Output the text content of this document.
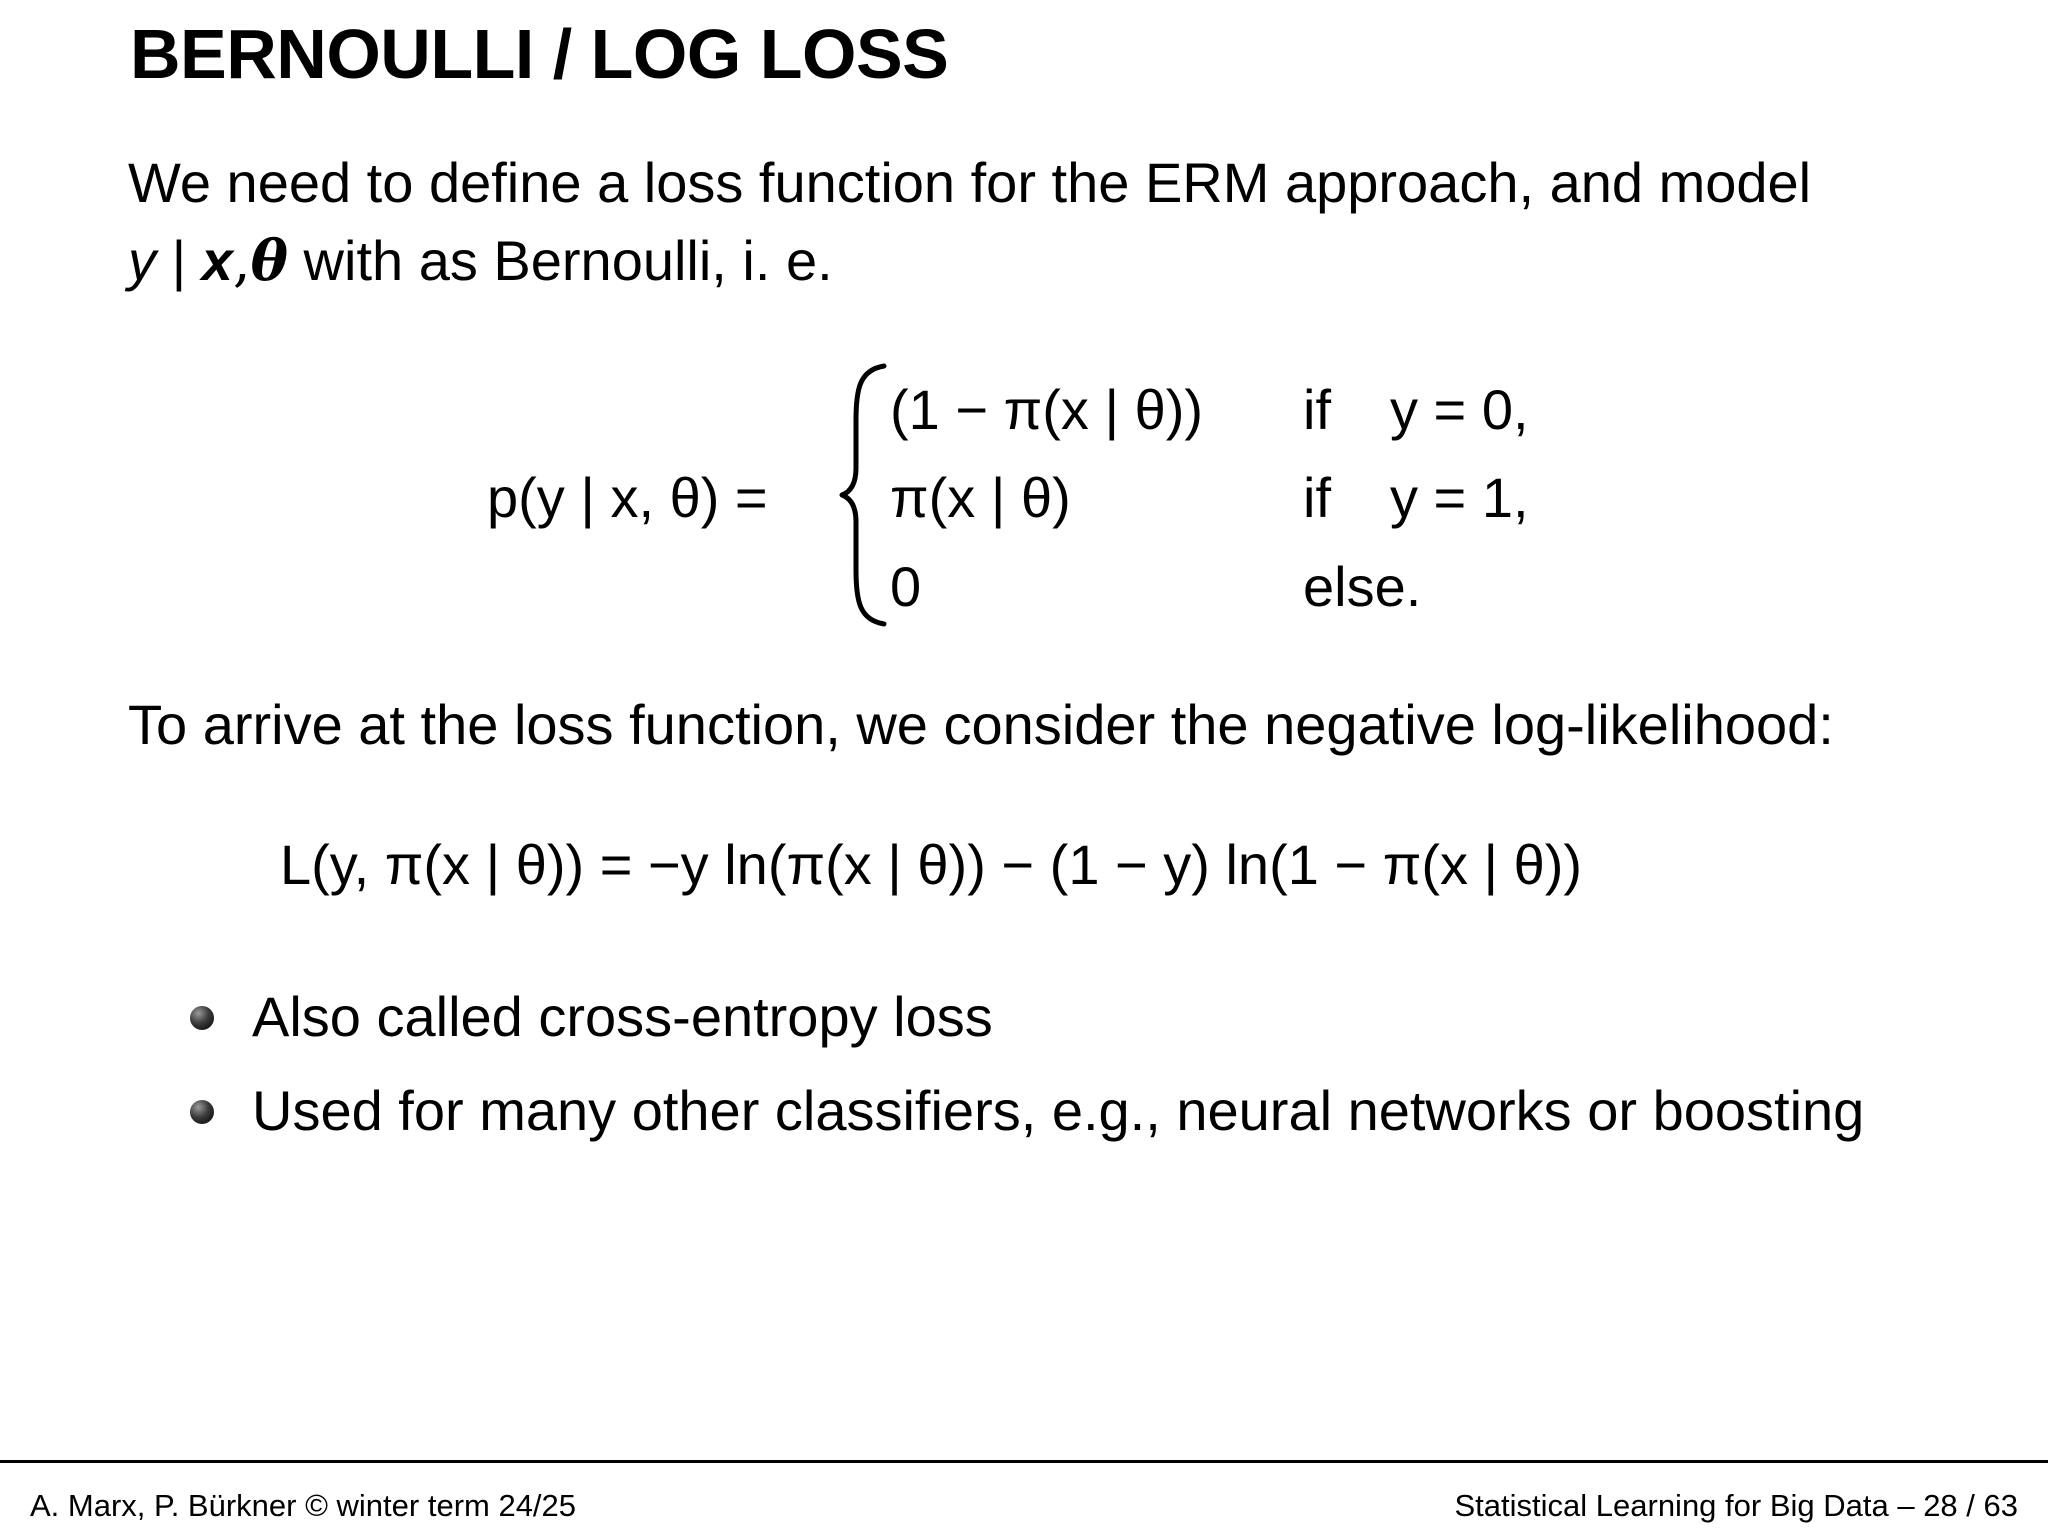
BERNOULLI / LOG LOSS
We need to define a loss function for the ERM approach, and model
y | x,θ with as Bernoulli, i. e.
p(y | x, θ) =
(1 − π(x | θ)) if y = 0,
π(x | θ)	if y = 1,
0	else.
To arrive at the loss function, we consider the negative log-likelihood:
L(y, π(x | θ)) = −y ln(π(x | θ)) − (1 − y) ln(1 − π(x | θ))
Also called cross-entropy loss
Used for many other classifiers, e.g., neural networks or boosting
A. Marx, P. Bürkner © winter term 24/25	Statistical Learning for Big Data – 28 / 63
